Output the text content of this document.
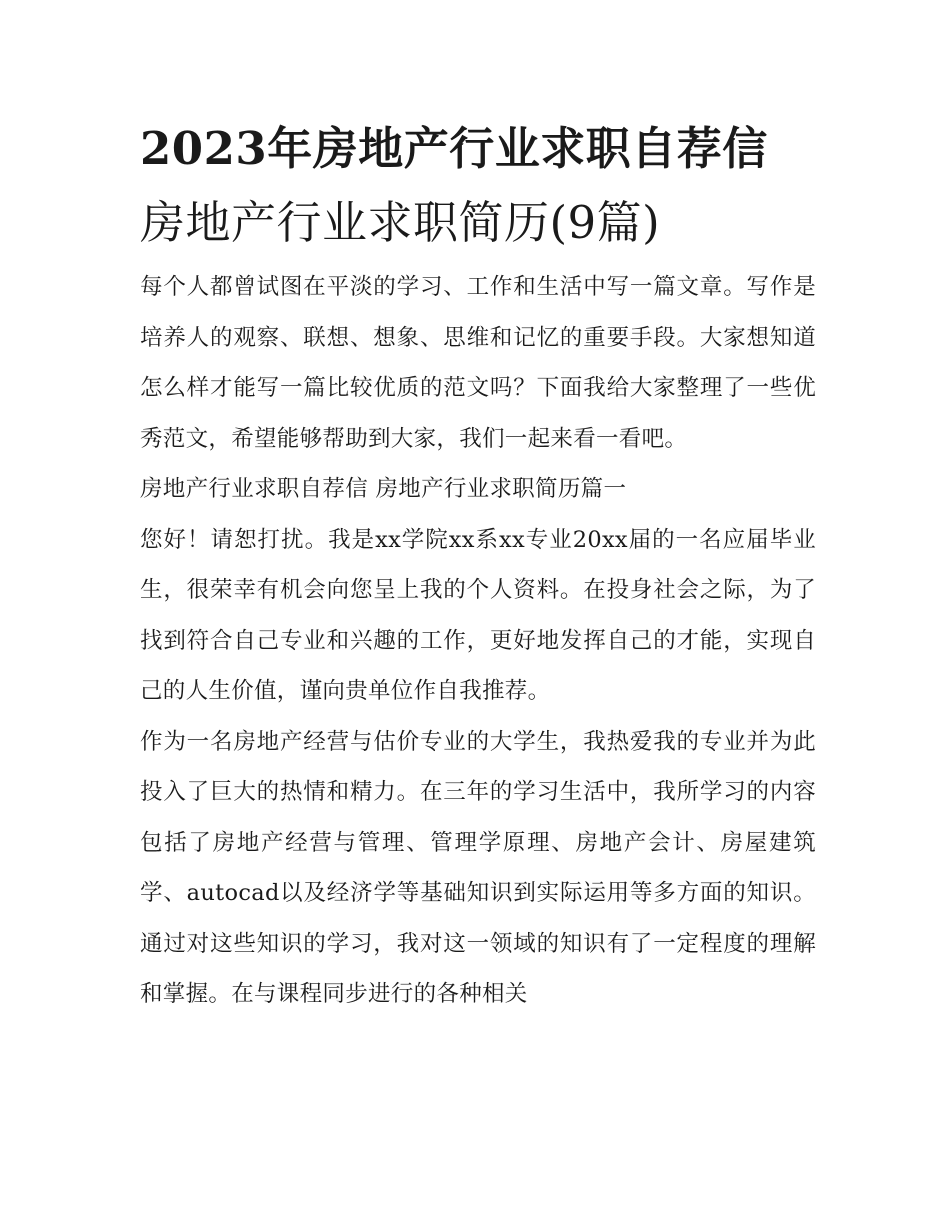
2023年房地产行业求职自荐信
房地产行业求职简历(9篇)

每个人都曾试图在平淡的学习、工作和生活中写一篇文章。写作是培养人的观察、联想、想象、思维和记忆的重要手段。大家想知道怎么样才能写一篇比较优质的范文吗？下面我给大家整理了一些优秀范文，希望能够帮助到大家，我们一起来看一看吧。

房地产行业求职自荐信 房地产行业求职简历篇一

您好！请恕打扰。我是xx学院xx系xx专业20xx届的一名应届毕业生，很荣幸有机会向您呈上我的个人资料。在投身社会之际，为了找到符合自己专业和兴趣的工作，更好地发挥自己的才能，实现自己的人生价值，谨向贵单位作自我推荐。

作为一名房地产经营与估价专业的大学生，我热爱我的专业并为此投入了巨大的热情和精力。在三年的学习生活中，我所学习的内容包括了房地产经营与管理、管理学原理、房地产会计、房屋建筑学、autocad以及经济学等基础知识到实际运用等多方面的知识。通过对这些知识的学习，我对这一领域的知识有了一定程度的理解和掌握。在与课程同步进行的各种相关
